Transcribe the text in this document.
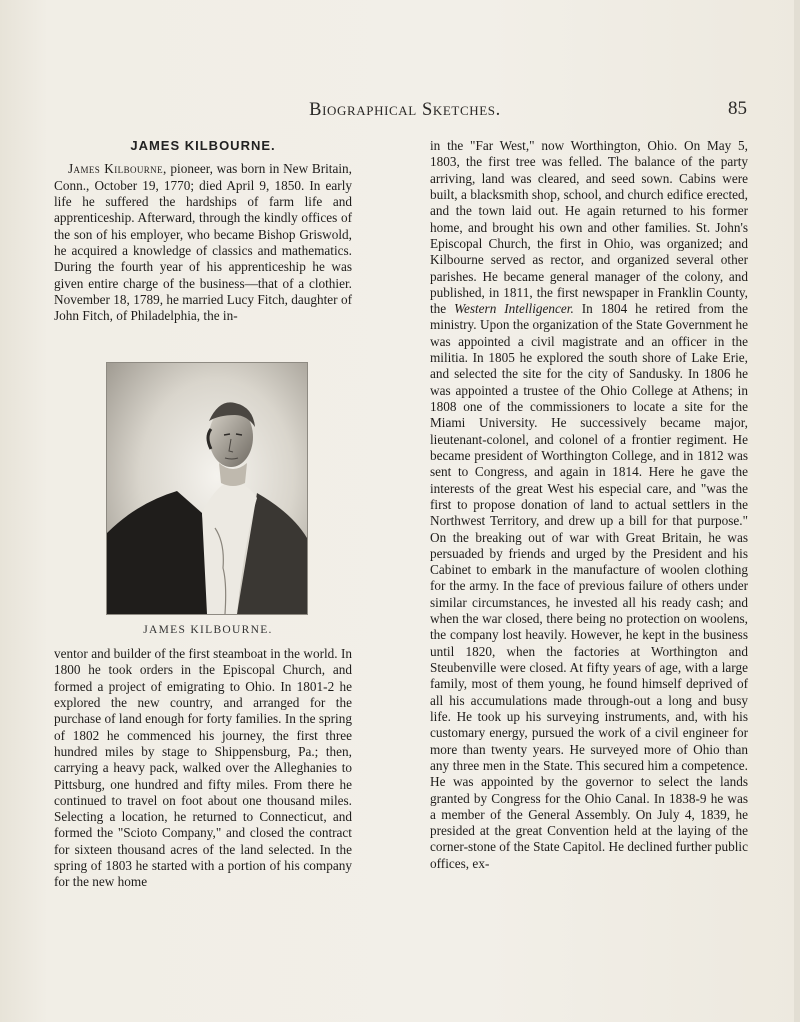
Biographical Sketches.	85
JAMES KILBOURNE.

James Kilbourne, pioneer, was born in New Britain, Conn., October 19, 1770; died April 9, 1850. In early life he suffered the hardships of farm life and apprenticeship. Afterward, through the kindly offices of the son of his employer, who became Bishop Griswold, he acquired a knowledge of classics and mathematics. During the fourth year of his apprenticeship he was given entire charge of the business—that of a clothier. November 18, 1789, he married Lucy Fitch, daughter of John Fitch, of Philadelphia, the in-

JAMES KILBOURNE.

ventor and builder of the first steamboat in the world. In 1800 he took orders in the Episcopal Church, and formed a project of emigrating to Ohio. In 1801-2 he explored the new country, and arranged for the purchase of land enough for forty families. In the spring of 1802 he commenced his journey, the first three hundred miles by stage to Shippensburg, Pa.; then, carrying a heavy pack, walked over the Alleghanies to Pittsburg, one hundred and fifty miles. From there he continued to travel on foot about one thousand miles. Selecting a location, he returned to Connecticut, and formed the "Scioto Company," and closed the contract for sixteen thousand acres of the land selected. In the spring of 1803 he started with a portion of his company for the new home

in the "Far West," now Worthington, Ohio. On May 5, 1803, the first tree was felled. The balance of the party arriving, land was cleared, and seed sown. Cabins were built, a blacksmith shop, school, and church edifice erected, and the town laid out. He again returned to his former home, and brought his own and other families. St. John's Episcopal Church, the first in Ohio, was organized; and Kilbourne served as rector, and organized several other parishes. He became general manager of the colony, and published, in 1811, the first newspaper in Franklin County, the Western Intelligencer. In 1804 he retired from the ministry. Upon the organization of the State Government he was appointed a civil magistrate and an officer in the militia. In 1805 he explored the south shore of Lake Erie, and selected the site for the city of Sandusky. In 1806 he was appointed a trustee of the Ohio College at Athens; in 1808 one of the commissioners to locate a site for the Miami University. He successively became major, lieutenant-colonel, and colonel of a frontier regiment. He became president of Worthington College, and in 1812 was sent to Congress, and again in 1814. Here he gave the interests of the great West his especial care, and "was the first to propose donation of land to actual settlers in the Northwest Territory, and drew up a bill for that purpose." On the breaking out of war with Great Britain, he was persuaded by friends and urged by the President and his Cabinet to embark in the manufacture of woolen clothing for the army. In the face of previous failure of others under similar circumstances, he invested all his ready cash; and when the war closed, there being no protection on woolens, the company lost heavily. However, he kept in the business until 1820, when the factories at Worthington and Steubenville were closed. At fifty years of age, with a large family, most of them young, he found himself deprived of all his accumulations made through-out a long and busy life. He took up his surveying instruments, and, with his customary energy, pursued the work of a civil engineer for more than twenty years. He surveyed more of Ohio than any three men in the State. This secured him a competence. He was appointed by the governor to select the lands granted by Congress for the Ohio Canal. In 1838-9 he was a member of the General Assembly. On July 4, 1839, he presided at the great Convention held at the laying of the corner-stone of the State Capitol. He declined further public offices, ex-
